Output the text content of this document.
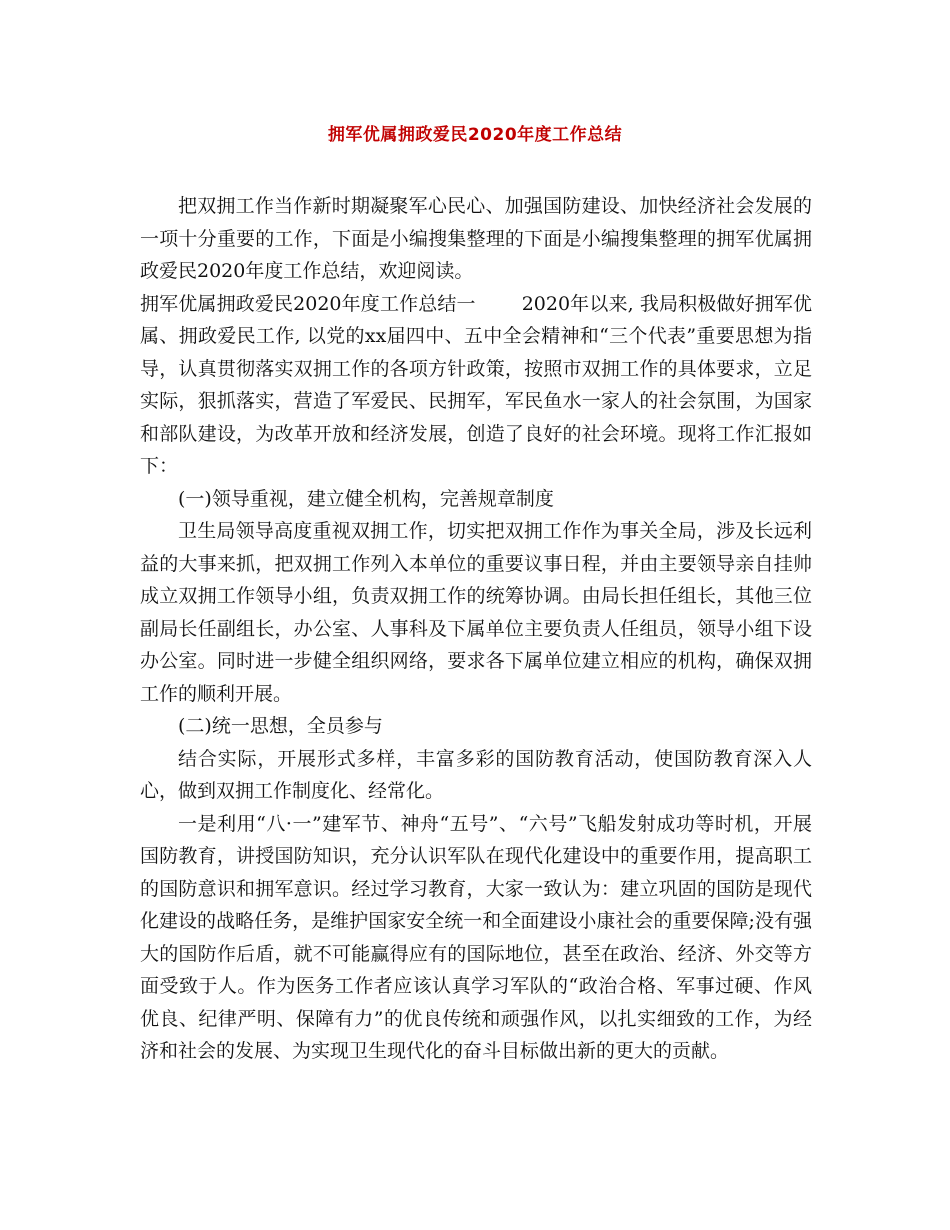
拥军优属拥政爱民2020年度工作总结

把双拥工作当作新时期凝聚军心民心、加强国防建设、加快经济社会发展的一项十分重要的工作，下面是小编搜集整理的下面是小编搜集整理的拥军优属拥政爱民2020年度工作总结，欢迎阅读。

拥军优属拥政爱民2020年度工作总结一 2020年以来, 我局积极做好拥军优属、拥政爱民工作, 以党的xx届四中、五中全会精神和“三个代表”重要思想为指导，认真贯彻落实双拥工作的各项方针政策，按照市双拥工作的具体要求，立足实际，狠抓落实，营造了军爱民、民拥军，军民鱼水一家人的社会氛围，为国家和部队建设，为改革开放和经济发展，创造了良好的社会环境。现将工作汇报如下：

(一)领导重视，建立健全机构，完善规章制度

卫生局领导高度重视双拥工作，切实把双拥工作作为事关全局，涉及长远利益的大事来抓，把双拥工作列入本单位的重要议事日程，并由主要领导亲自挂帅成立双拥工作领导小组，负责双拥工作的统筹协调。由局长担任组长，其他三位副局长任副组长，办公室、人事科及下属单位主要负责人任组员，领导小组下设办公室。同时进一步健全组织网络，要求各下属单位建立相应的机构，确保双拥工作的顺利开展。

(二)统一思想，全员参与

结合实际，开展形式多样，丰富多彩的国防教育活动，使国防教育深入人心，做到双拥工作制度化、经常化。

一是利用“八·一”建军节、神舟“五号”、“六号”飞船发射成功等时机，开展国防教育，讲授国防知识，充分认识军队在现代化建设中的重要作用，提高职工的国防意识和拥军意识。经过学习教育，大家一致认为：建立巩固的国防是现代化建设的战略任务，是维护国家安全统一和全面建设小康社会的重要保障;没有强大的国防作后盾，就不可能赢得应有的国际地位，甚至在政治、经济、外交等方面受致于人。作为医务工作者应该认真学习军队的“政治合格、军事过硬、作风优良、纪律严明、保障有力”的优良传统和顽强作风，以扎实细致的工作，为经济和社会的发展、为实现卫生现代化的奋斗目标做出新的更大的贡献。
